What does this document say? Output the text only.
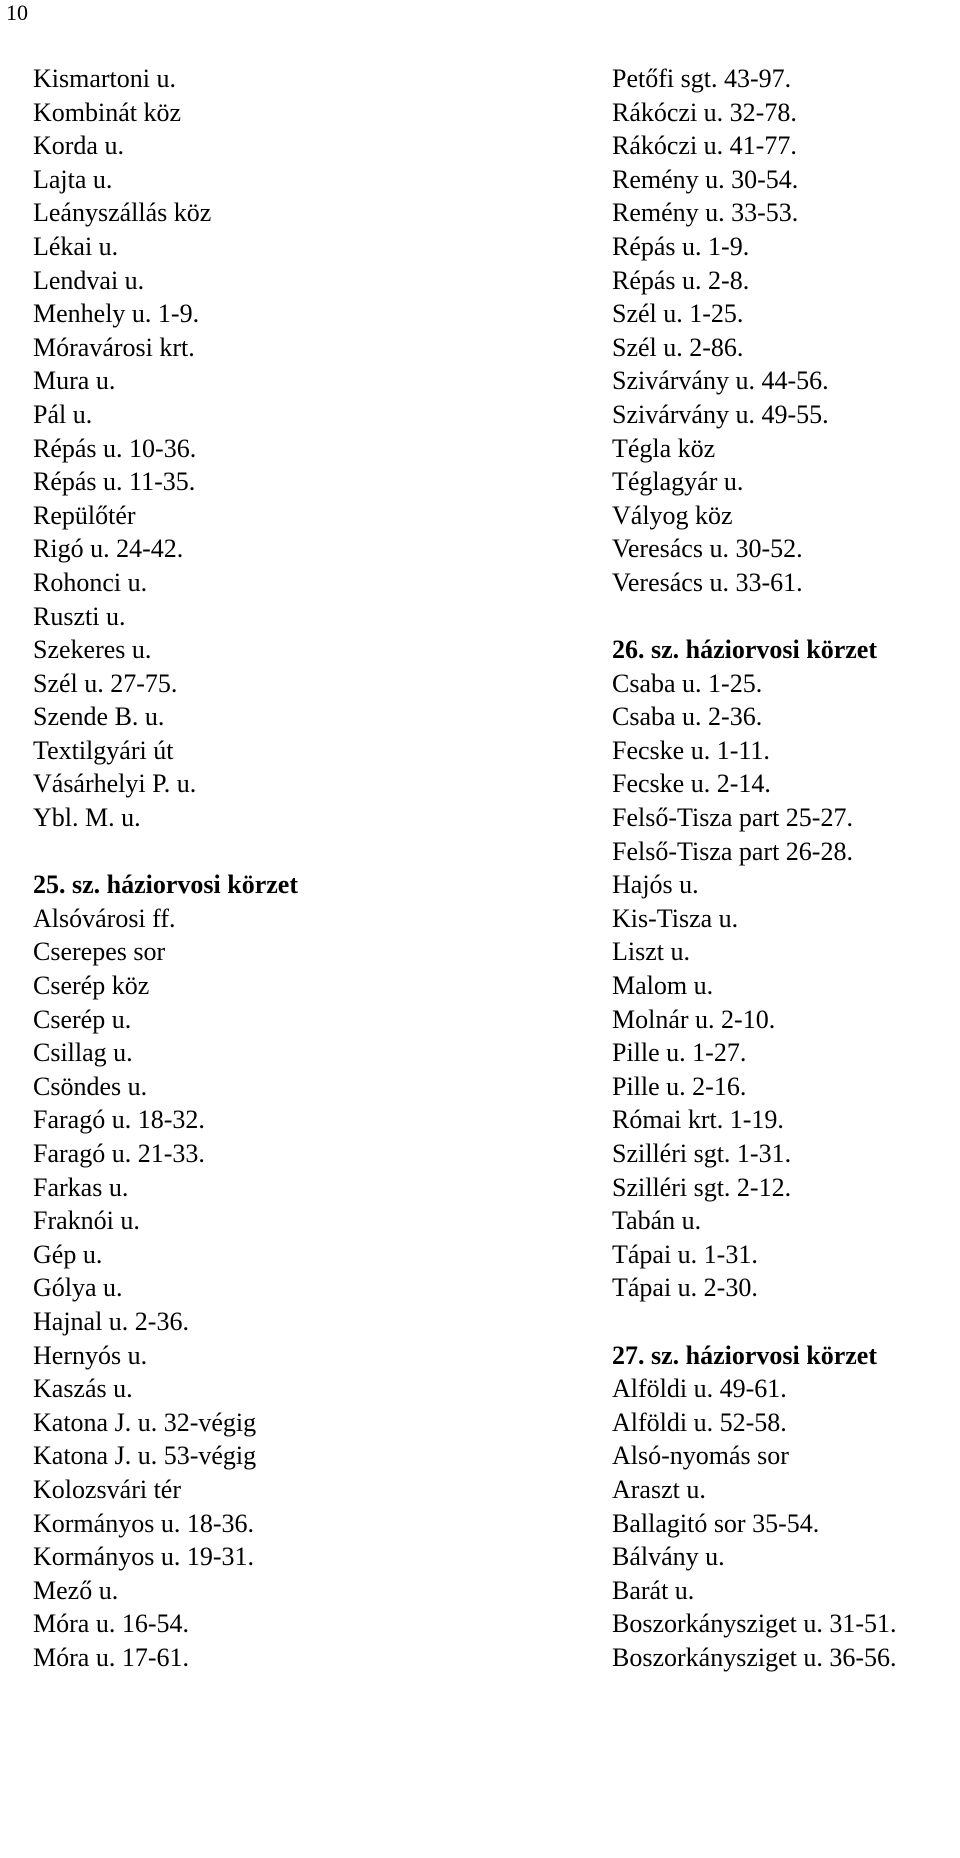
10
Kismartoni u.
Kombinát köz
Korda u.
Lajta u.
Leányszállás köz
Lékai u.
Lendvai u.
Menhely u. 1-9.
Móravárosi krt.
Mura u.
Pál u.
Répás u. 10-36.
Répás u. 11-35.
Repülőtér
Rigó u. 24-42.
Rohonci u.
Ruszti u.
Szekeres u.
Szél u. 27-75.
Szende B. u.
Textilgyári út
Vásárhelyi P. u.
Ybl. M. u.
25. sz. háziorvosi körzet
Alsóvárosi ff.
Cserepes sor
Cserép köz
Cserép u.
Csillag u.
Csöndes u.
Faragó u. 18-32.
Faragó u. 21-33.
Farkas u.
Fraknói u.
Gép u.
Gólya u.
Hajnal u. 2-36.
Hernyós u.
Kaszás u.
Katona J. u. 32-végig
Katona J. u. 53-végig
Kolozsvári tér
Kormányos u. 18-36.
Kormányos u. 19-31.
Mező u.
Móra u. 16-54.
Móra u. 17-61.
Petőfi sgt. 43-97.
Rákóczi u. 32-78.
Rákóczi u. 41-77.
Remény u. 30-54.
Remény u. 33-53.
Répás u. 1-9.
Répás u. 2-8.
Szél u. 1-25.
Szél u. 2-86.
Szivárvány u. 44-56.
Szivárvány u. 49-55.
Tégla köz
Téglagyár u.
Vályog köz
Veresács u. 30-52.
Veresács u. 33-61.
26. sz. háziorvosi körzet
Csaba u. 1-25.
Csaba u. 2-36.
Fecske u. 1-11.
Fecske u. 2-14.
Felső-Tisza part 25-27.
Felső-Tisza part 26-28.
Hajós u.
Kis-Tisza u.
Liszt u.
Malom u.
Molnár u. 2-10.
Pille u. 1-27.
Pille u. 2-16.
Római krt. 1-19.
Szilléri sgt. 1-31.
Szilléri sgt. 2-12.
Tabán u.
Tápai u. 1-31.
Tápai u. 2-30.
27. sz. háziorvosi körzet
Alföldi u. 49-61.
Alföldi u. 52-58.
Alsó-nyomás sor
Araszt u.
Ballagitó sor 35-54.
Bálvány u.
Barát u.
Boszorkánysziget u. 31-51.
Boszorkánysziget u. 36-56.
